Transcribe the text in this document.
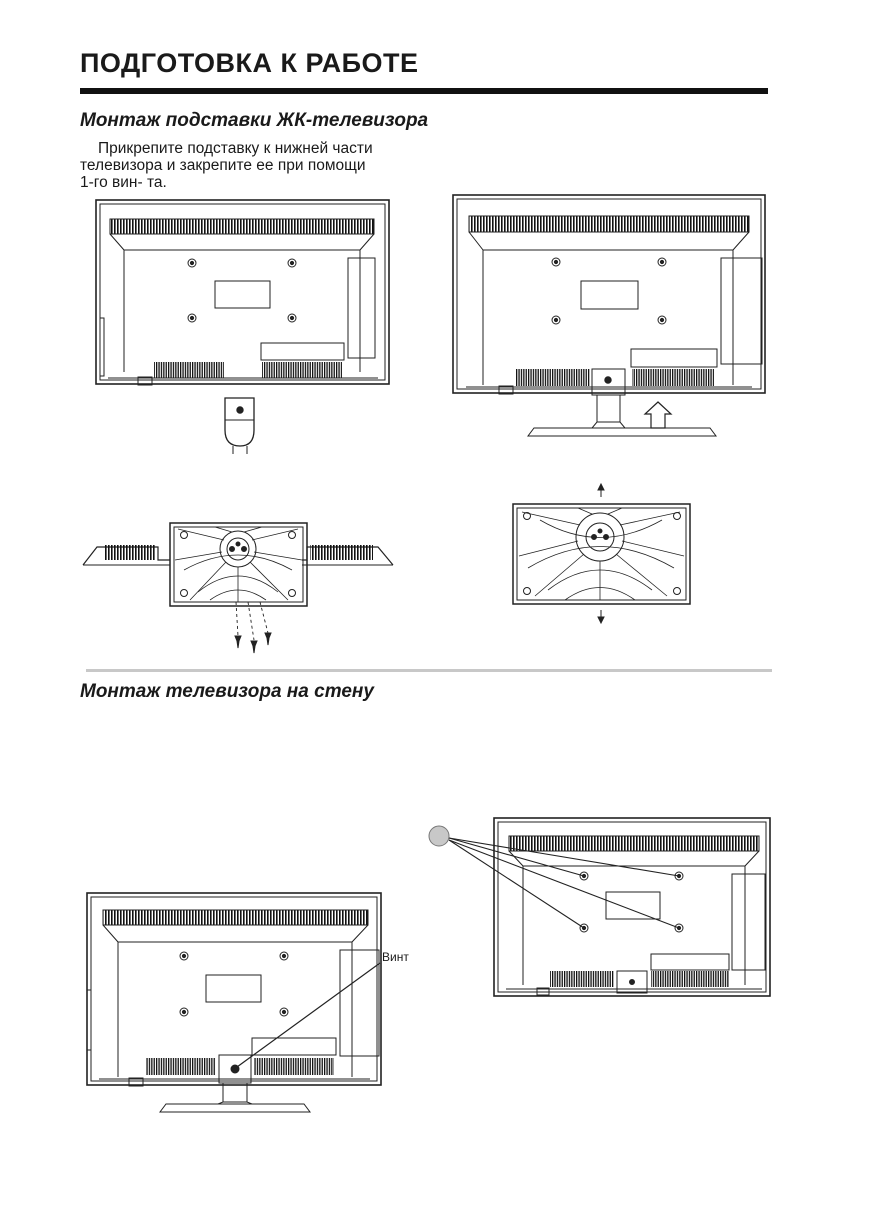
ПОДГОТОВКА К РАБОТЕ
Монтаж подставки ЖК-телевизора
Прикрепите подставку к нижней части
телевизора и закрепите ее при помощи
1-го вин- та.
Монтаж телевизора на стену
Винт
